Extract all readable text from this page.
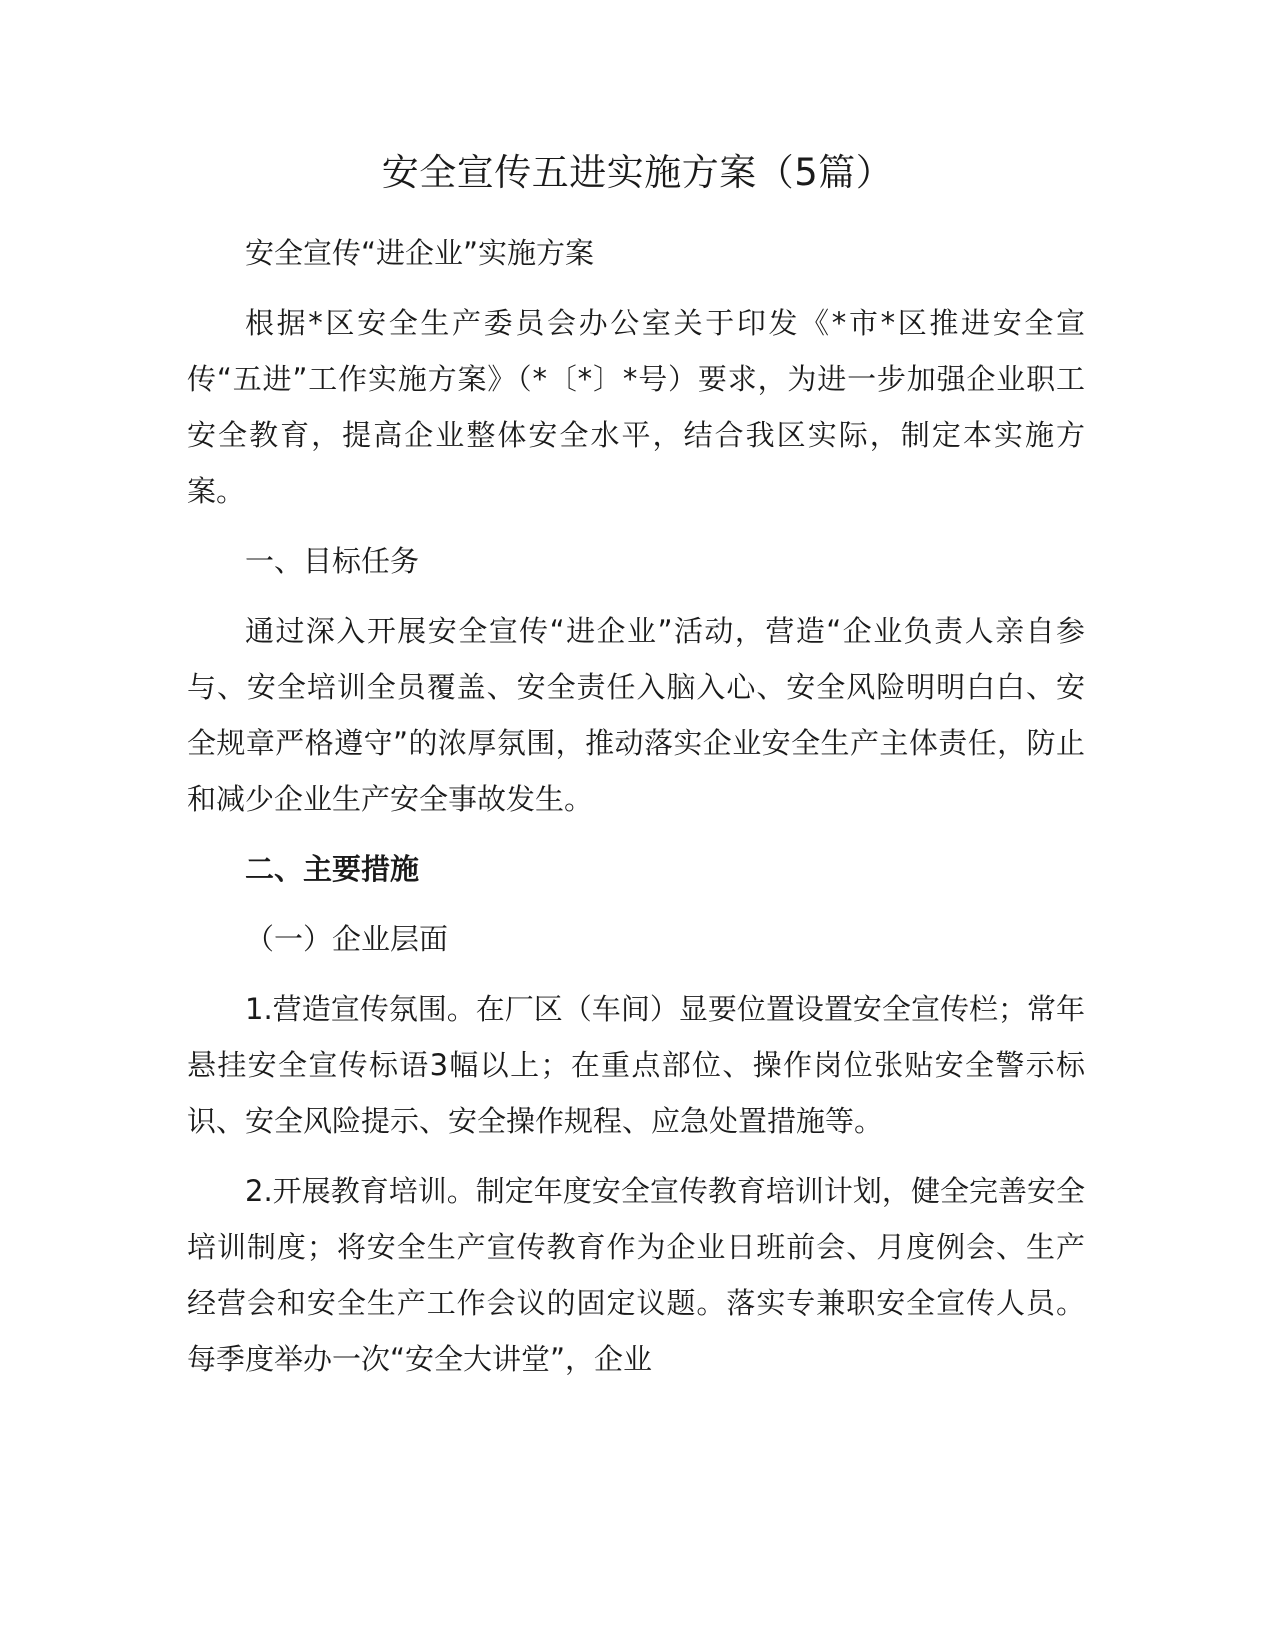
安全宣传五进实施方案（5篇）

安全宣传“进企业”实施方案

根据*区安全生产委员会办公室关于印发《*市*区推进安全宣传“五进”工作实施方案》（*〔*〕*号）要求，为进一步加强企业职工安全教育，提高企业整体安全水平，结合我区实际，制定本实施方案。

一、目标任务

通过深入开展安全宣传“进企业”活动，营造“企业负责人亲自参与、安全培训全员覆盖、安全责任入脑入心、安全风险明明白白、安全规章严格遵守”的浓厚氛围，推动落实企业安全生产主体责任，防止和减少企业生产安全事故发生。

二、主要措施

（一）企业层面

1.营造宣传氛围。在厂区（车间）显要位置设置安全宣传栏；常年悬挂安全宣传标语3幅以上；在重点部位、操作岗位张贴安全警示标识、安全风险提示、安全操作规程、应急处置措施等。

2.开展教育培训。制定年度安全宣传教育培训计划，健全完善安全培训制度；将安全生产宣传教育作为企业日班前会、月度例会、生产经营会和安全生产工作会议的固定议题。落实专兼职安全宣传人员。每季度举办一次“安全大讲堂”，企业
